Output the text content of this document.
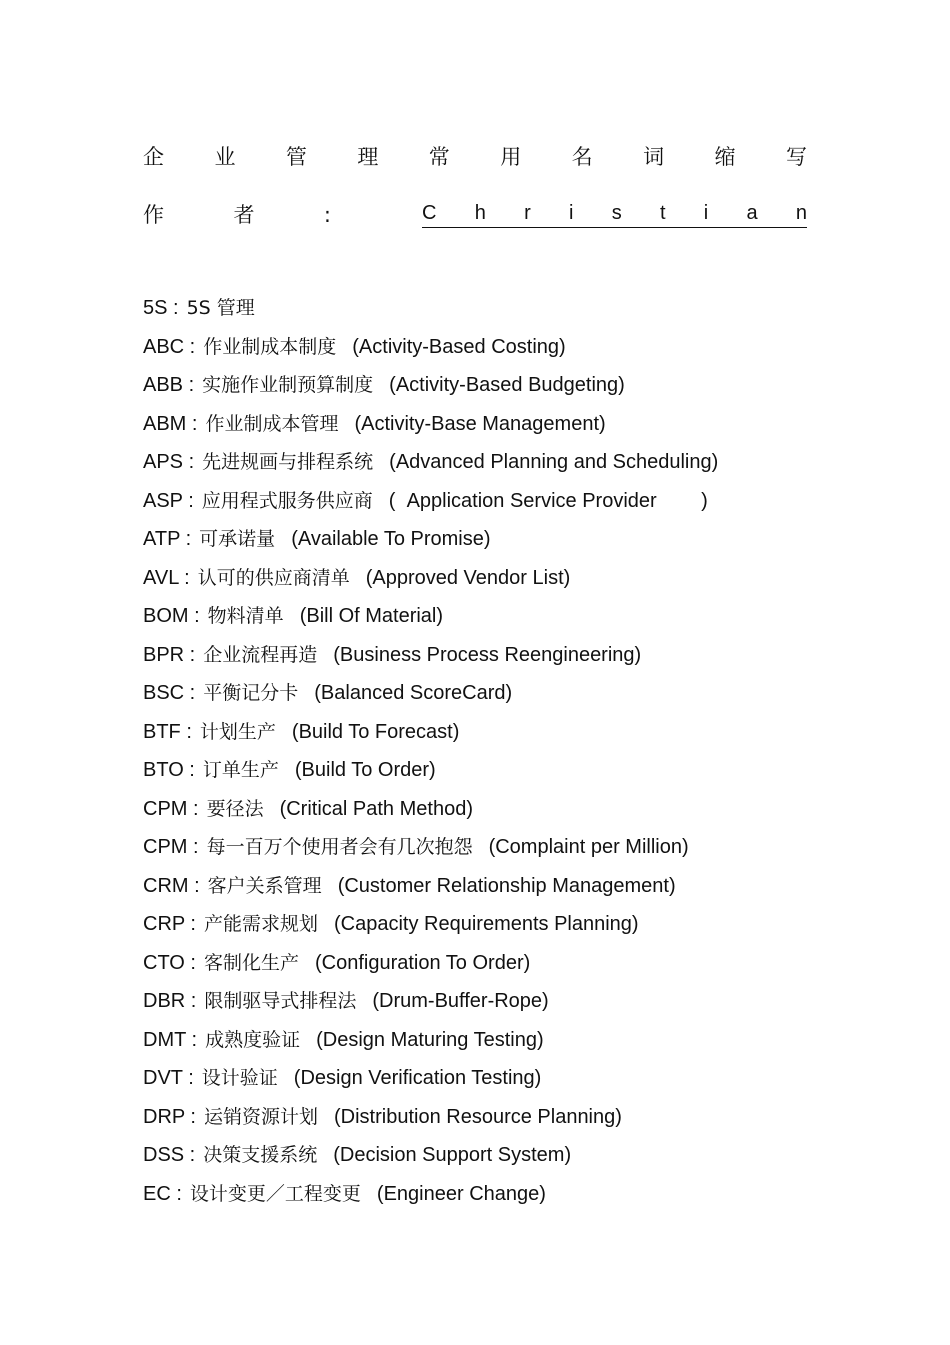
企 业 管 理 常 用 名 词 缩 写
作	者	:	C h r i s t i a n
5S : 5S 管理
ABC : 作业制成本制度 (Activity-Based Costing)
ABB : 实施作业制预算制度 (Activity-Based Budgeting)
ABM : 作业制成本管理 (Activity-Base Management)
APS : 先进规画与排程系统 (Advanced Planning and Scheduling)
ASP : 应用程式服务供应商 (  Application Service Provider        )
ATP : 可承诺量 (Available To Promise)
AVL : 认可的供应商清单 (Approved Vendor List)
BOM : 物料清单 (Bill Of Material)
BPR : 企业流程再造 (Business Process Reengineering)
BSC : 平衡记分卡 (Balanced ScoreCard)
BTF : 计划生产 (Build To Forecast)
BTO : 订单生产 (Build To Order)
CPM : 要径法 (Critical Path Method)
CPM : 每一百万个使用者会有几次抱怨 (Complaint per Million)
CRM : 客户关系管理 (Customer Relationship Management)
CRP : 产能需求规划 (Capacity Requirements Planning)
CTO : 客制化生产 (Configuration To Order)
DBR : 限制驱导式排程法 (Drum-Buffer-Rope)
DMT : 成熟度验证 (Design Maturing Testing)
DVT : 设计验证 (Design Verification Testing)
DRP : 运销资源计划 (Distribution Resource Planning)
DSS : 决策支援系统 (Decision Support System)
EC : 设计变更／工程变更 (Engineer Change)
